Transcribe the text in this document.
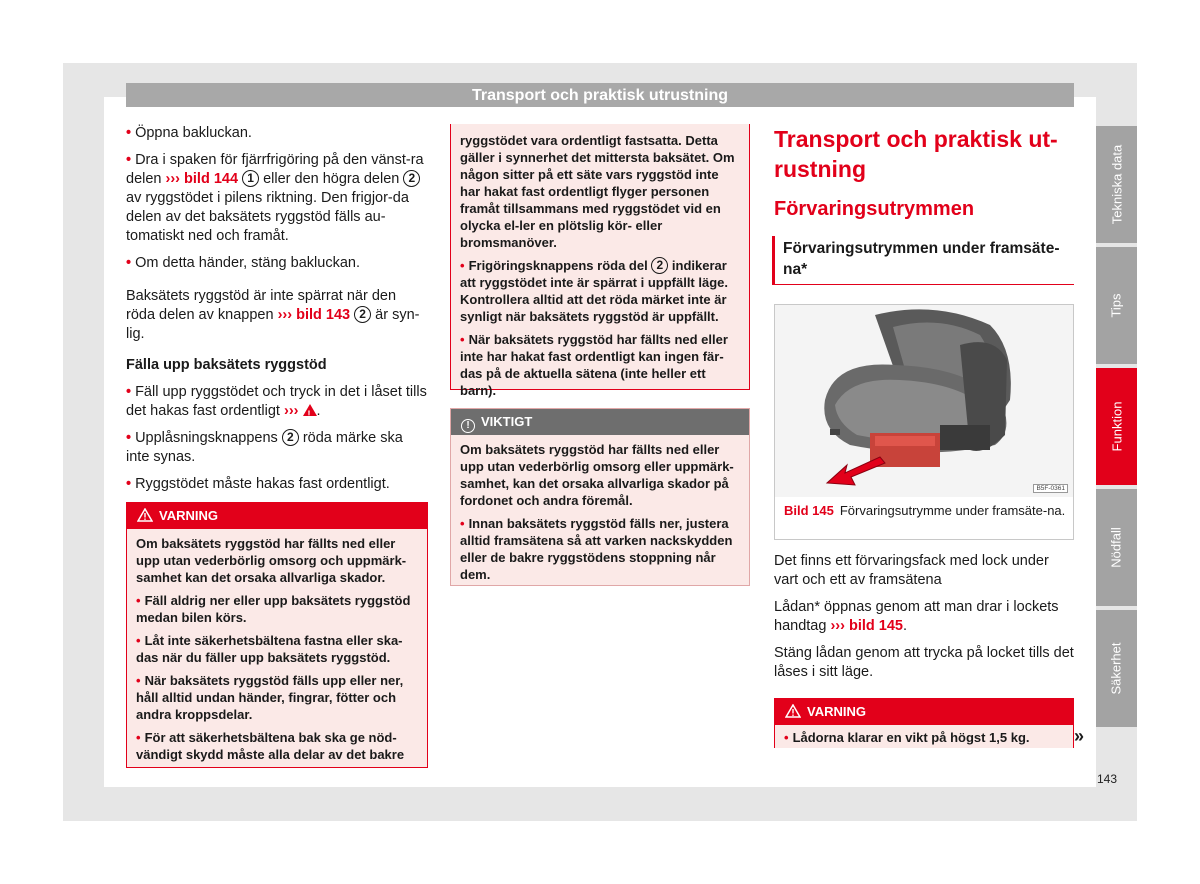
Transport och praktisk utrustning

• Öppna bakluckan.

• Dra i spaken för fjärrfrigöring på den vänst-ra delen ››› bild 144 1 eller den högra delen 2 av ryggstödet i pilens riktning. Den frigjor-da delen av det baksätets ryggstöd fälls au-tomatiskt ned och framåt.

• Om detta händer, stäng bakluckan.

Baksätets ryggstöd är inte spärrat när den röda delen av knappen ››› bild 143 2 är syn-lig.

Fälla upp baksätets ryggstöd

• Fäll upp ryggstödet och tryck in det i låset tills det hakas fast ordentligt ››› ! .

• Upplåsningsknappens 2 röda märke ska inte synas.

• Ryggstödet måste hakas fast ordentligt.

VARNING

Om baksätets ryggstöd har fällts ned eller upp utan vederbörlig omsorg och uppmärk-samhet kan det orsaka allvarliga skador.

• Fäll aldrig ner eller upp baksätets ryggstöd medan bilen körs.

• Låt inte säkerhetsbältena fastna eller ska-das när du fäller upp baksätets ryggstöd.

• När baksätets ryggstöd fälls upp eller ner, håll alltid undan händer, fingrar, fötter och andra kroppsdelar.

• För att säkerhetsbältena bak ska ge nöd-vändigt skydd måste alla delar av det bakre

ryggstödet vara ordentligt fastsatta. Detta gäller i synnerhet det mittersta baksätet. Om någon sitter på ett säte vars ryggstöd inte har hakat fast ordentligt flyger personen framåt tillsammans med ryggstödet vid en olycka el-ler en plötslig kör- eller bromsmanöver.

• Frigöringsknappens röda del 2 indikerar att ryggstödet inte är spärrat i uppfällt läge. Kontrollera alltid att det röda märket inte är synligt när baksätets ryggstöd är uppfällt.

• När baksätets ryggstöd har fällts ned eller inte har hakat fast ordentligt kan ingen fär-das på de aktuella sätena (inte heller ett barn).

! VIKTIGT

Om baksätets ryggstöd har fällts ned eller upp utan vederbörlig omsorg eller uppmärk-samhet, kan det orsaka allvarliga skador på fordonet och andra föremål.

• Innan baksätets ryggstöd fälls ner, justera alltid framsätena så att varken nackskydden eller de bakre ryggstödens stoppning når dem.

Transport och praktisk ut-rustning
Förvaringsutrymmen
Förvaringsutrymmen under framsäte-na*
B5F-0361
Bild 145 Förvaringsutrymme under framsäte-na.

Det finns ett förvaringsfack med lock under vart och ett av framsätena

Lådan* öppnas genom att man drar i lockets handtag ››› bild 145.

Stäng lådan genom att trycka på locket tills det låses i sitt läge.

VARNING

• Lådorna klarar en vikt på högst 1,5 kg.	»
Tekniska data
Tips
Funktion
Nödfall
Säkerhet
143
